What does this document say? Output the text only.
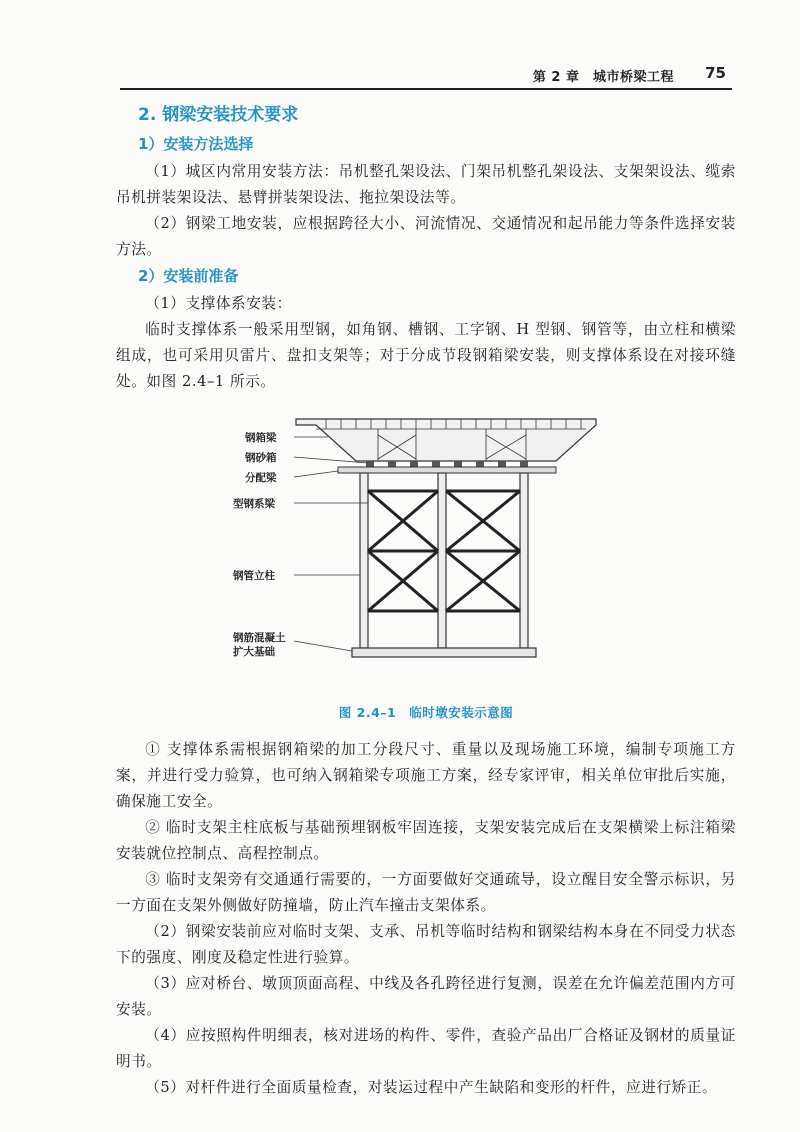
第 2 章　城市桥梁工程 75
2. 钢梁安装技术要求
1）安装方法选择

（1）城区内常用安装方法：吊机整孔架设法、门架吊机整孔架设法、支架架设法、缆索吊机拼装架设法、悬臂拼装架设法、拖拉架设法等。

（2）钢梁工地安装，应根据跨径大小、河流情况、交通情况和起吊能力等条件选择安装方法。

2）安装前准备

（1）支撑体系安装：

临时支撑体系一般采用型钢，如角钢、槽钢、工字钢、H 型钢、钢管等，由立柱和横梁组成，也可采用贝雷片、盘扣支架等；对于分成节段钢箱梁安装，则支撑体系设在对接环缝处。如图 2.4–1 所示。

钢箱梁
钢砂箱
分配梁
型钢系梁
钢管立柱
钢筋混凝土
扩大基础
图 2.4–1　临时墩安装示意图

① 支撑体系需根据钢箱梁的加工分段尺寸、重量以及现场施工环境，编制专项施工方案，并进行受力验算，也可纳入钢箱梁专项施工方案，经专家评审，相关单位审批后实施，确保施工安全。

② 临时支架主柱底板与基础预埋钢板牢固连接，支架安装完成后在支架横梁上标注箱梁安装就位控制点、高程控制点。

③ 临时支架旁有交通通行需要的，一方面要做好交通疏导，设立醒目安全警示标识，另一方面在支架外侧做好防撞墙，防止汽车撞击支架体系。

（2）钢梁安装前应对临时支架、支承、吊机等临时结构和钢梁结构本身在不同受力状态下的强度、刚度及稳定性进行验算。

（3）应对桥台、墩顶顶面高程、中线及各孔跨径进行复测，误差在允许偏差范围内方可安装。

（4）应按照构件明细表，核对进场的构件、零件，查验产品出厂合格证及钢材的质量证明书。

（5）对杆件进行全面质量检查，对装运过程中产生缺陷和变形的杆件，应进行矫正。
